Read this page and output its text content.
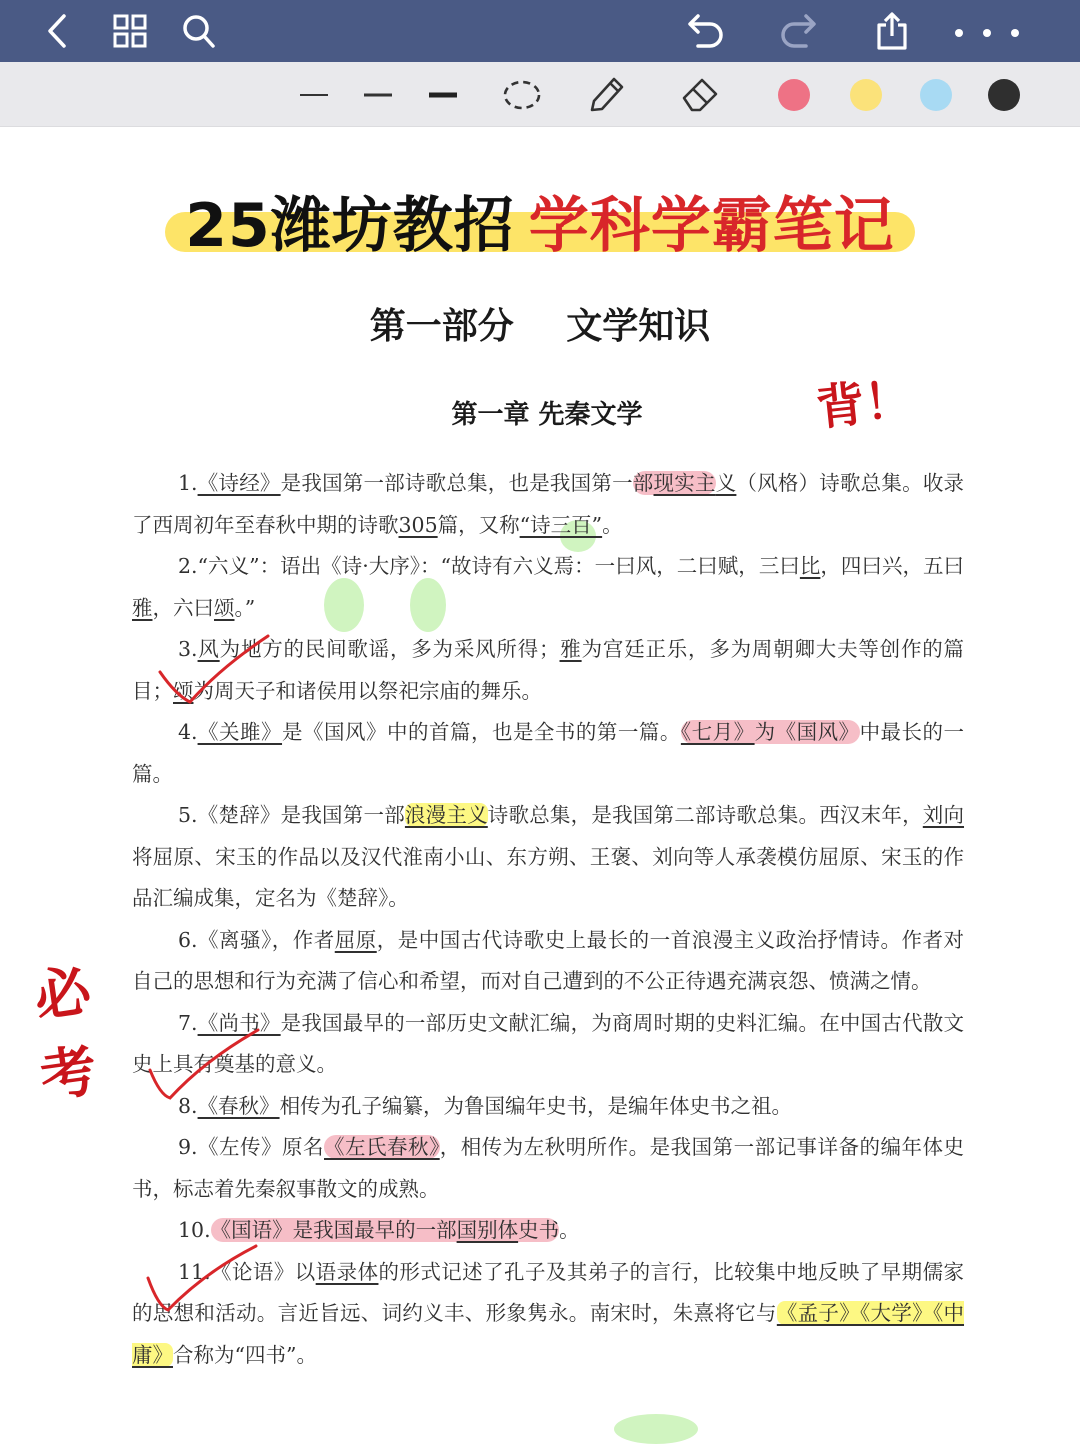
25潍坊教招 学科学霸笔记
第一部分 文学知识
第一章 先秦文学	背！
必
考

1.《诗经》是我国第一部诗歌总集，也是我国第一部现实主义（风格）诗歌总集。收录了西周初年至春秋中期的诗歌305篇，又称“诗三百”。

2.“六义”：语出《诗·大序》：“故诗有六义焉：一曰风，二曰赋，三曰比，四曰兴，五曰雅，六曰颂。”

3.风为地方的民间歌谣，多为采风所得；雅为宫廷正乐，多为周朝卿大夫等创作的篇目；颂为周天子和诸侯用以祭祀宗庙的舞乐。

4.《关雎》是《国风》中的首篇，也是全书的第一篇。《七月》为《国风》中最长的一篇。

5.《楚辞》是我国第一部浪漫主义诗歌总集，是我国第二部诗歌总集。西汉末年，刘向将屈原、宋玉的作品以及汉代淮南小山、东方朔、王褒、刘向等人承袭模仿屈原、宋玉的作品汇编成集，定名为《楚辞》。

6.《离骚》，作者屈原，是中国古代诗歌史上最长的一首浪漫主义政治抒情诗。作者对自己的思想和行为充满了信心和希望，而对自己遭到的不公正待遇充满哀怨、愤满之情。

7.《尚书》是我国最早的一部历史文献汇编，为商周时期的史料汇编。在中国古代散文史上具有奠基的意义。

8.《春秋》相传为孔子编纂，为鲁国编年史书，是编年体史书之祖。

9.《左传》原名《左氏春秋》，相传为左秋明所作。是我国第一部记事详备的编年体史书，标志着先秦叙事散文的成熟。

10.《国语》是我国最早的一部国别体史书。

11.《论语》以语录体的形式记述了孔子及其弟子的言行，比较集中地反映了早期儒家的思想和活动。言近旨远、词约义丰、形象隽永。南宋时，朱熹将它与《孟子》《大学》《中庸》合称为“四书”。
